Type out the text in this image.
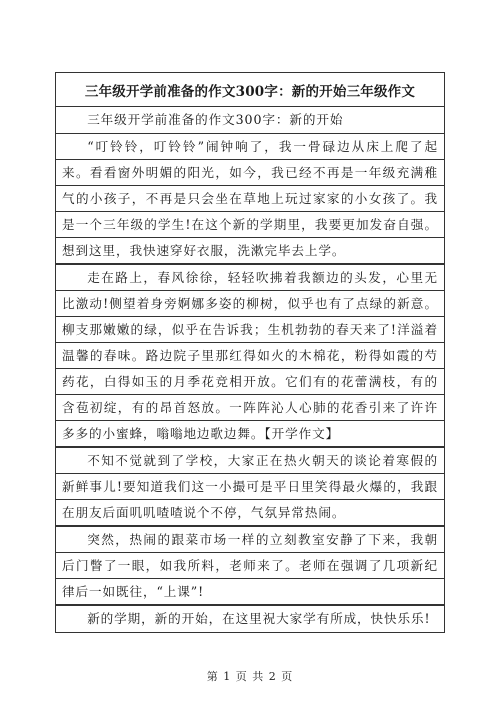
三年级开学前准备的作文300字：新的开始三年级作文
三年级开学前准备的作文300字：新的开始
“叮铃铃，叮铃铃”闹钟响了，我一骨碌边从床上爬了起来。看看窗外明媚的阳光，如今，我已经不再是一年级充满稚气的小孩子，不再是只会坐在草地上玩过家家的小女孩了。我是一个三年级的学生!在这个新的学期里，我要更加发奋自强。想到这里，我快速穿好衣服，洗漱完毕去上学。
走在路上，春风徐徐，轻轻吹拂着我额边的头发，心里无比激动!侧望着身旁婀娜多姿的柳树，似乎也有了点绿的新意。柳支那嫩嫩的绿，似乎在告诉我；生机勃勃的春天来了!洋溢着温馨的春味。路边院子里那红得如火的木棉花，粉得如霞的芍药花，白得如玉的月季花竞相开放。它们有的花蕾满枝，有的含苞初绽，有的昂首怒放。一阵阵沁人心肺的花香引来了许许多多的小蜜蜂，嗡嗡地边歌边舞。【开学作文】
不知不觉就到了学校，大家正在热火朝天的谈论着寒假的新鲜事儿!要知道我们这一小撮可是平日里笑得最火爆的，我跟在朋友后面叽叽喳喳说个不停，气氛异常热闹。
突然，热闹的跟菜市场一样的立刻教室安静了下来，我朝后门瞥了一眼，如我所料，老师来了。老师在强调了几项新纪律后一如既往，“上课”!
新的学期，新的开始，在这里祝大家学有所成，快快乐乐!
第 1 页 共 2 页
